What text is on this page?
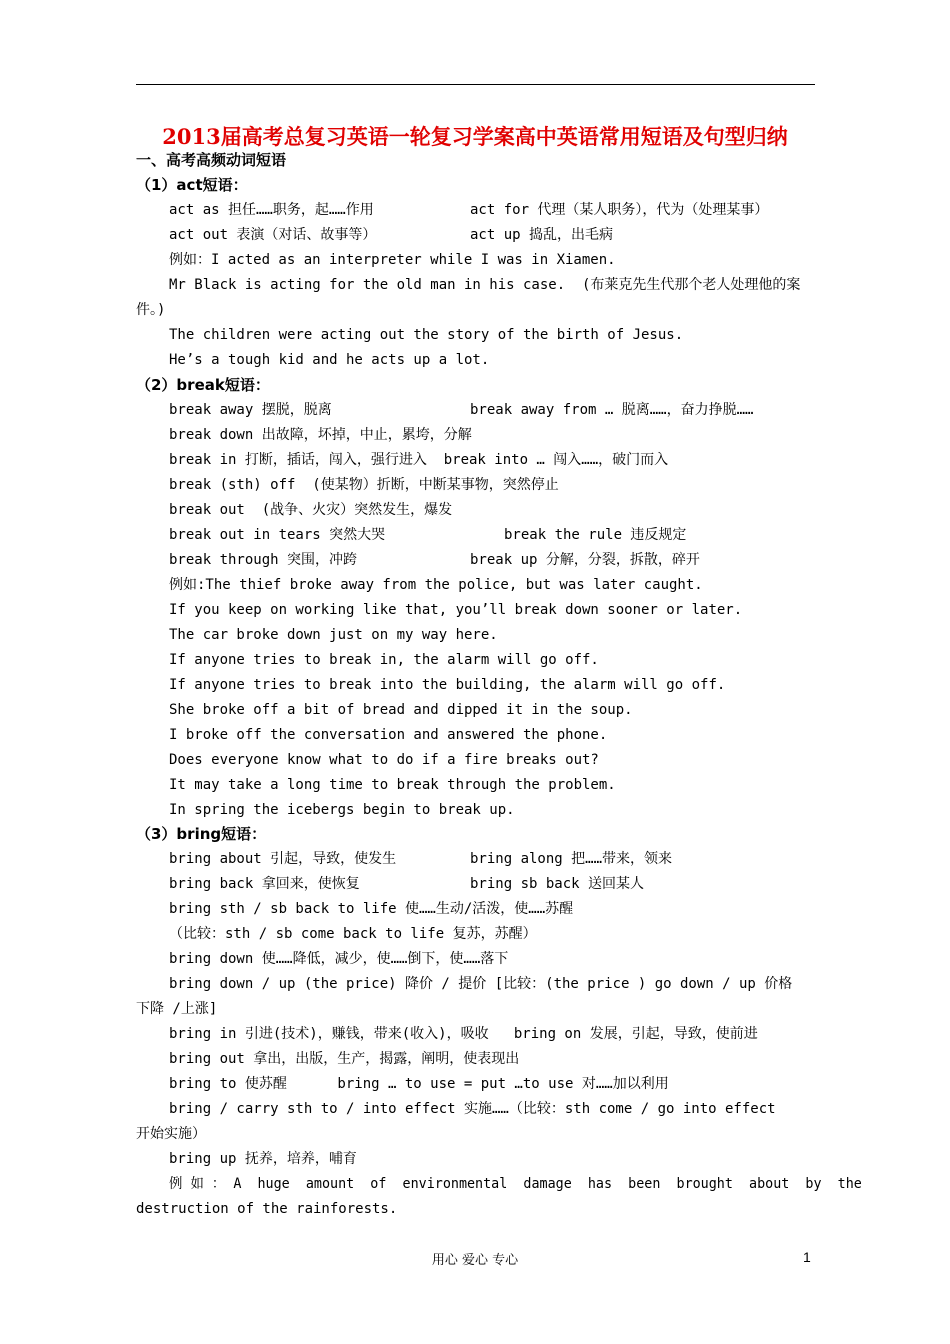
2013届高考总复习英语一轮复习学案高中英语常用短语及句型归纳
一、高考高频动词短语
（1）act短语：
act as 担任……职务，起……作用	act for 代理（某人职务），代为（处理某事）
act out 表演（对话、故事等）	act up 捣乱，出毛病
例如：I acted as an interpreter while I was in Xiamen.
Mr Black is acting for the old man in his case.  (布莱克先生代那个老人处理他的案
件。)
The children were acting out the story of the birth of Jesus.
He’s a tough kid and he acts up a lot.
（2）break短语：
break away 摆脱，脱离	break away from … 脱离……，奋力挣脱……
break down 出故障，坏掉，中止，累垮，分解
break in 打断，插话，闯入，强行进入  break into … 闯入……，破门而入
break (sth) off  (使某物）折断，中断某事物，突然停止
break out  (战争、火灾）突然发生，爆发
break out in tears 突然大哭	break the rule 违反规定
break through 突围，冲跨	break up 分解，分裂，拆散，碎开
例如:The thief broke away from the police, but was later caught.
If you keep on working like that, you’ll break down sooner or later.
The car broke down just on my way here.
If anyone tries to break in, the alarm will go off.
If anyone tries to break into the building, the alarm will go off.
She broke off a bit of bread and dipped it in the soup.
I broke off the conversation and answered the phone.
Does everyone know what to do if a fire breaks out?
It may take a long time to break through the problem.
In spring the icebergs begin to break up.
（3）bring短语：
bring about 引起，导致，使发生	bring along 把……带来，领来
bring back 拿回来，使恢复	bring sb back 送回某人
bring sth / sb back to life 使……生动/活泼，使……苏醒
（比较：sth / sb come back to life 复苏，苏醒）
bring down 使……降低，减少，使……倒下，使……落下
bring down / up (the price) 降价 / 提价 [比较：(the price ) go down / up 价格
下降 /上涨]
bring in 引进(技术)，赚钱，带来(收入)，吸收   bring on 发展，引起，导致，使前进
bring out 拿出，出版，生产，揭露，阐明，使表现出
bring to 使苏醒      bring … to use = put …to use 对……加以利用
bring / carry sth to / into effect 实施……（比较：sth come / go into effect
开始实施）
bring up 抚养，培养，哺育
例 如 ： A  huge  amount  of  environmental  damage  has  been  brought  about  by  the
destruction of the rainforests.
用心 爱心 专心	1
